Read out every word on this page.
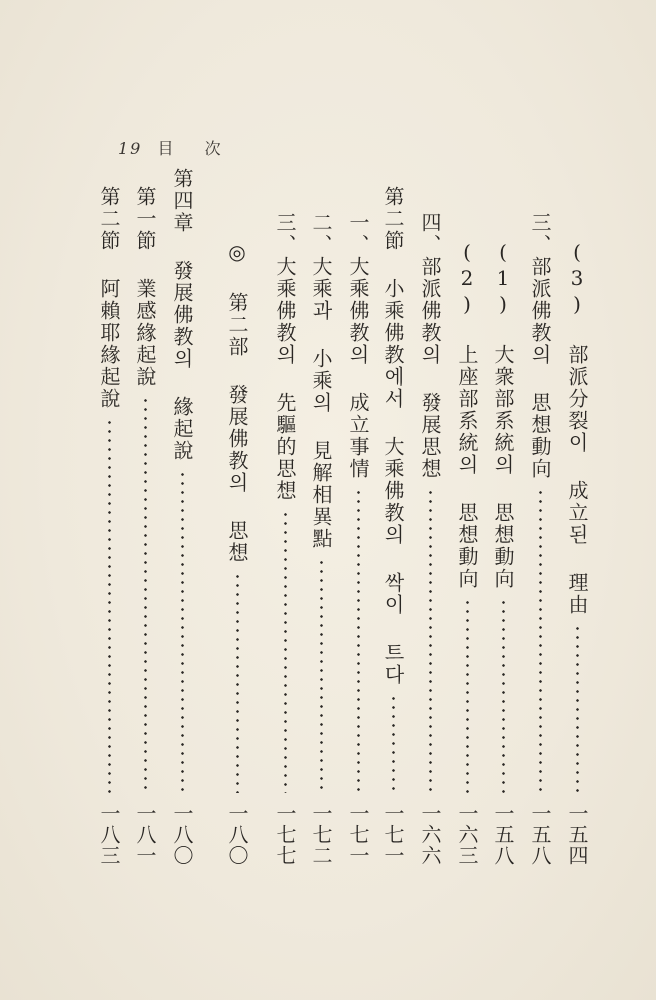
19 目 次
(3) 部派分裂이 成立된 理由
一五四
三、部派佛教의 思想動向
一五八
(1) 大衆部系統의 思想動向
一五八
(2) 上座部系統의 思想動向
一六三
四、部派佛教의 發展思想
一六六
第二節 小乘佛教에서 大乘佛教의 싹이 트다
一七一
一、大乘佛教의 成立事情
一七一
二、大乘과 小乘의 見解相異點
一七二
三、大乘佛教의 先驅的思想
一七七
◎ 第二部 發展佛教의 思想
一八〇
第四章 發展佛教의 緣起說
一八〇
第一節 業感緣起說
一八一
第二節 阿賴耶緣起說
一八三
